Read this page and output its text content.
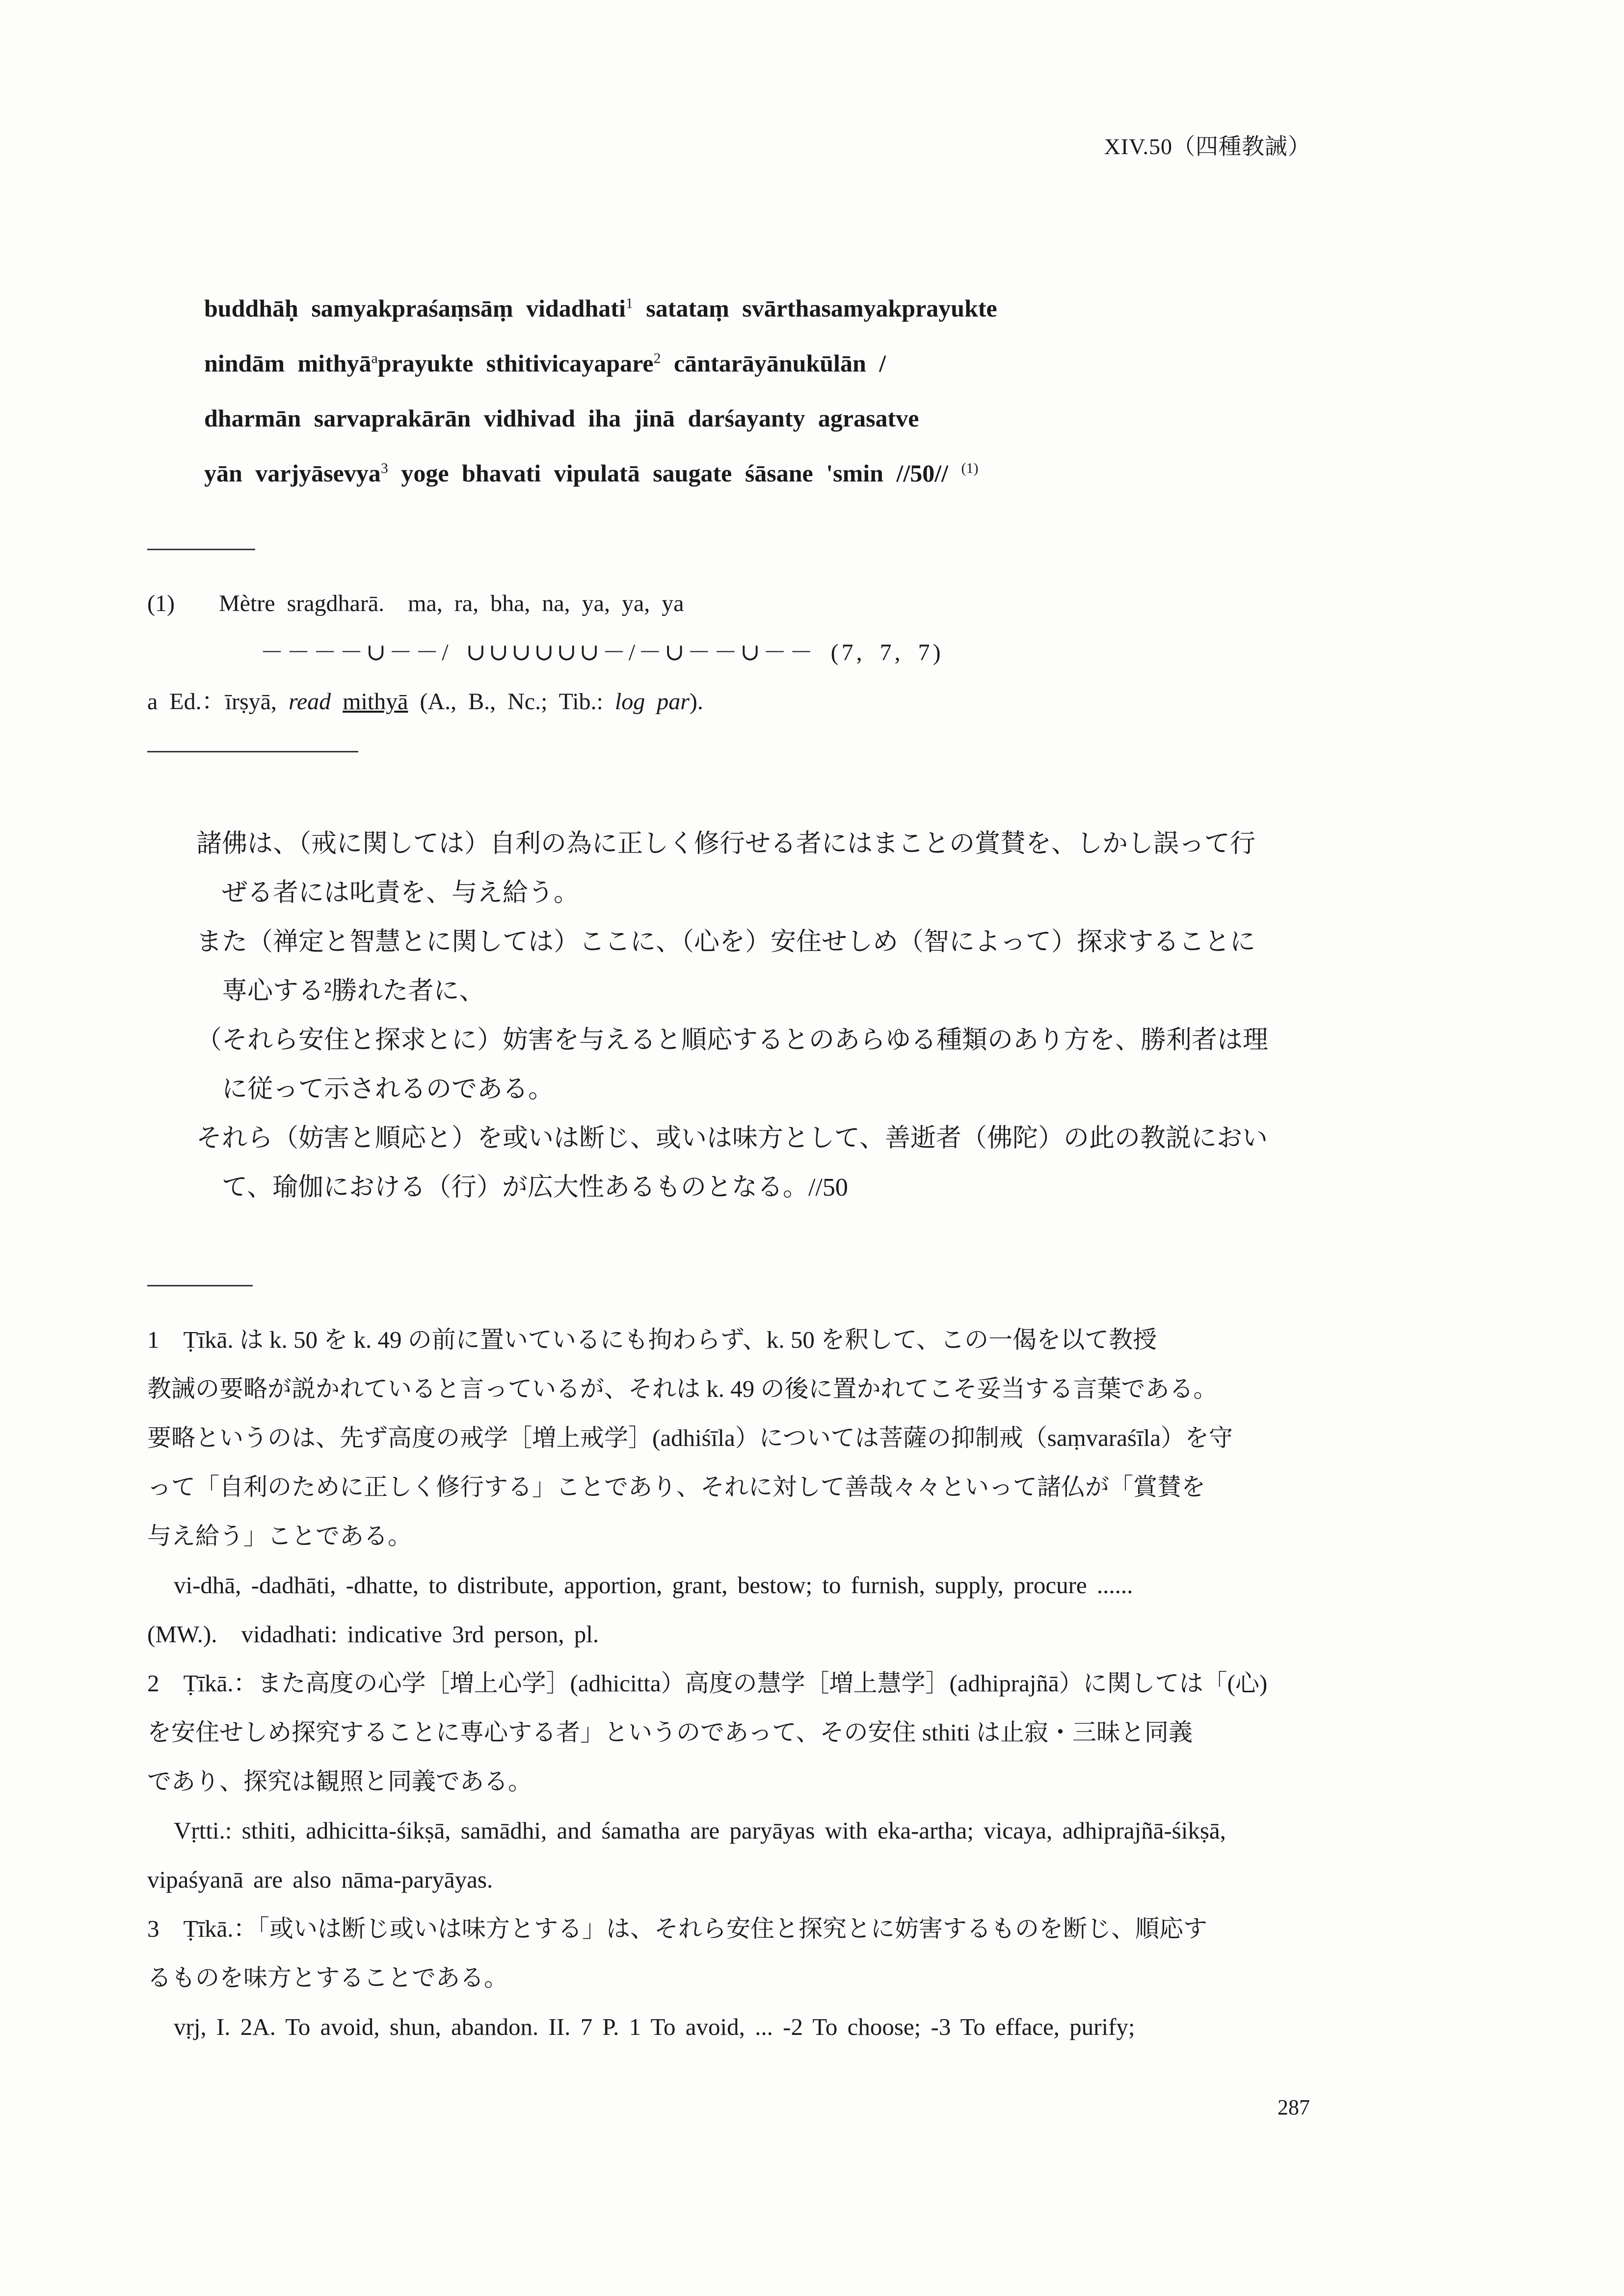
XIV.50（四種教誡）
buddhāḥ samyakpraśaṃsāṃ vidadhati$^1$ satataṃ svārthasamyakprayukte
nindām mithyā$^a$prayukte sthitivicayapare$^2$ cāntarāyānukūlān /
dharmān sarvaprakārān vidhivad iha jinā darśayanty agrasatve
yān varjyāsevya$^3$ yoge bhavati vipulatā saugate śāsane 'smin //50// $^{(1)}$
(1) Mètre sragdharā.　ma, ra, bha, na, ya, ya, ya
－－－－∪－－/ ∪∪∪∪∪∪－/－∪－－∪－－ (7, 7, 7)
a Ed.：īrṣyā, read mithyā (A., B., Nc.; Tib.: log par).
諸佛は、（戒に関しては）自利の為に正しく修行せる者にはまことの賞賛を、しかし誤って行
ぜる者には叱責を、与え給う。
また（禅定と智慧とに関しては）ここに、（心を）安住せしめ（智によって）探求することに
専心する²勝れた者に、
（それら安住と探求とに）妨害を与えると順応するとのあらゆる種類のあり方を、勝利者は理
に従って示されるのである。
それら（妨害と順応と）を或いは断じ、或いは味方として、善逝者（佛陀）の此の教説におい
て、瑜伽における（行）が広大性あるものとなる。//50
1　Ṭīkā. は k. 50 を k. 49 の前に置いているにも拘わらず、k. 50 を釈して、この一偈を以て教授
教誡の要略が説かれていると言っているが、それは k. 49 の後に置かれてこそ妥当する言葉である。
要略というのは、先ず高度の戒学［増上戒学］(adhiśīla）については菩薩の抑制戒（saṃvaraśīla）を守
って「自利のために正しく修行する」ことであり、それに対して善哉々々といって諸仏が「賞賛を
与え給う」ことである。
vi-dhā, -dadhāti, -dhatte, to distribute, apportion, grant, bestow; to furnish, supply, procure ......
(MW.).　vidadhati: indicative 3rd person, pl.
2　Ṭīkā.：また高度の心学［増上心学］(adhicitta）高度の慧学［増上慧学］(adhiprajñā）に関しては「(心)
を安住せしめ探究することに専心する者」というのであって、その安住 sthiti は止寂・三昧と同義
であり、探究は観照と同義である。
Vṛtti.: sthiti, adhicitta-śikṣā, samādhi, and śamatha are paryāyas with eka-artha; vicaya, adhiprajñā-śikṣā,
vipaśyanā are also nāma-paryāyas.
3　Ṭīkā.：「或いは断じ或いは味方とする」は、それら安住と探究とに妨害するものを断じ、順応す
るものを味方とすることである。
vṛj, I. 2A. To avoid, shun, abandon. II. 7 P. 1 To avoid, ... -2 To choose; -3 To efface, purify;
287
